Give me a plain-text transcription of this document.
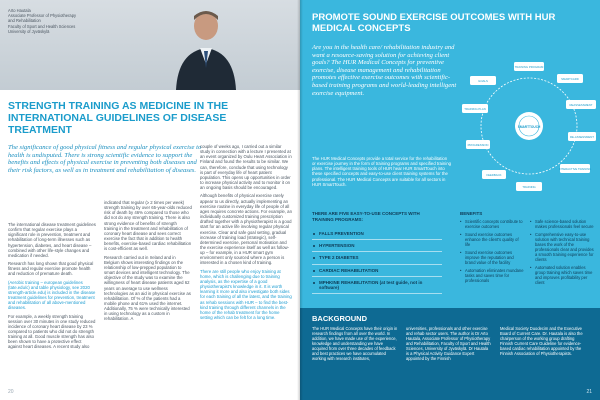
Arto Hautala
Associate Professor of Physiotherapy
and Rehabilitation
Faculty of Sport and Health Sciences
University of Jyväskylä
STRENGTH TRAINING AS MEDICINE IN THE INTERNATIONAL GUIDELINES OF DISEASE TREATMENT

The significance of good physical fitness and regular physical exercise to health is undisputed. There is strong scientific evidence to support the benefits and effects of physical exercise in preventing both diseases and their risk factors, as well as in treatment and rehabilitation of diseases.

The international disease treatment guidelines confirm that regular exercise plays a significant role in prevention, treatment and rehabilitation of long-term illnesses such as hypertension, diabetes, and heart disease – combined with other life-style changes and medication if needed.

Research has long shown that good physical fitness and regular exercise promote health and reduction of premature death.

(Aerobic training – european guidelines (tate.edu/c) and table physiology, see 2020 strength-article.edu) is included in the disease treatment guidelines for prevention, treatment and rehabilitation of all above-mentioned diseases.

For example, a weekly strength training session over 30 minutes in one study reduced incidence of coronary heart disease by 23 % compared to patients who did not do strength training at all. Good muscle strength has also been shown to have a protective effect against heart diseases. A recent study also

indicated that regular (≥ 2 times per week) strength training by over 65-year-olds reduced risk of death by 46% compared to those who did not do any strength training. There is also strong evidence of benefits of strength training in the treatment and rehabilitation of coronary heart disease and sees correct exercise the fact that in addition to health benefits, exercise-based cardiac rehabilitation is cost-efficient as well.

Research carried out in Ireland and in Belgium shows interesting findings on the relationship of low-prepped population to smart devices and intelligent technology. The objective of the study was to examine the willingness of heart disease patients aged 62 years on average to use wellness technologies as an aid in physical exercise as rehabilitation. Of % of the patients had a mobile phone and 61% used the internet. Additionally, 75 % were technically interested in using technology as a custom in rehabilitation. A

couple of weeks ago, I carried out a similar study in connection with a lecture I presented at an event organized by Oulu Heart Association in Finland and found the results to be similar. We can, therefore, conclude that using technology is part of everyday life of heart patient population. This opens up opportunities in order to increase physical activity and to monitor it on an ongoing basis should be encouraged.

Although benefits of physical exercise rarely appear to us directly, actually implementing an exercise routine in everyday life of people of all ages requires concrete actions. For example, an individually customized training prescription drafted together with a physiotherapist is a good start for an active life involving regular physical exercise. Clear and safe goal setting, gradual increase of training load (strategic), self-determined exercise, personal motivation and the exercise experience itself as well as follow-up – for example, in a HUR smart gym environment only sourced where a person is interested in a chosen kind of training.

There are still people who enjoy training at home, which is challenging due to training analysis, as the expertise of a good physiotherapist's knowledge in it. It is worth learning it more and also investigate both sides for each training of all the latest, and the training as rehab sessions with HUR – to find the best-kind training through different channels in the home of the rehab treatment for the home setting which can be felt for a long time.

20
PROMOTE SOUND EXERCISE OUTCOMES WITH HUR MEDICAL CONCEPTS

Are you in the health care/ rehabilitation industry and want a resource-saving solution for achieving client goals? The HUR Medical Concepts for preventive exercise, disease management and rehabilitation promotes effective exercise outcomes with scientific-based training programs and world-leading intelligent exercise equipment.

The HUR Medical Concepts provide a total service for the rehabilitation or exercise journey in the form of training programs and specified training plans. The intelligent training tools of HUR hear HUR SmartTouch into these specified concepts and easy-to-use client training systems for the professional. The HUR Medical Concepts are suitable for all sectors in HUR SmartTouch.

SMARTTOUCH
TRAINING PROGRAM
SMARTCARD
GOALS
REASSESSMENT
TRAINING PLAN
RE-ASSESSMENT
PROGRESSION
INTERACTIVE TRAINING
FEEDBACK
TRAINING
THERE ARE FIVE EASY-TO-USE CONCEPTS WITH TRAINING PROGRAMS:
FALLS PREVENTION
HYPERTENSION
TYPE 2 DIABETES
CARDIAC REHABILITATION
MPHKINE REHABILITATION (at test guide, not in software)
BENEFITS
• Scientific concepts contribute to exercise outcomes
• Sound exercise outcomes enhance the client's quality of life
• Sound exercise outcomes improve the reputation and brand value of the facility
• Automation eliminates mundane tasks and saves time for professionals
• Safe science-based solution makes professionals feel secure
• Comprehensive easy-to-use solution with technical training bases the work of the professionals clear and provides a smooth training experience for clients
• Automated solution enables group training which saves time and improves profitability per client
BACKGROUND

The HUR Medical Concepts have their origin in research findings from all over the world. In addition, we have made use of the experience, knowledge and understanding we have acquired from over three decades of feedback and best practices we have accumulated working with research institutes,

universities, professionals and other exercise and rehab sector users. The author is Dr Arto Hautala, Associate Professor of Physiotherapy and Rehabilitation, Faculty of Sport and Health Sciences, University of Jyväskylä. Dr Hautala is a Physical Activity Guidance Expert appointed by the Finnish

Medical Society Duodecim and the Executive Board of Current Care. Dr. Hautala is also the chairperson of the working group drafting Finnish Current Care Guideline for evidence-based cardiac rehabilitation appointed by the Finnish Association of Physiotherapists.

21
